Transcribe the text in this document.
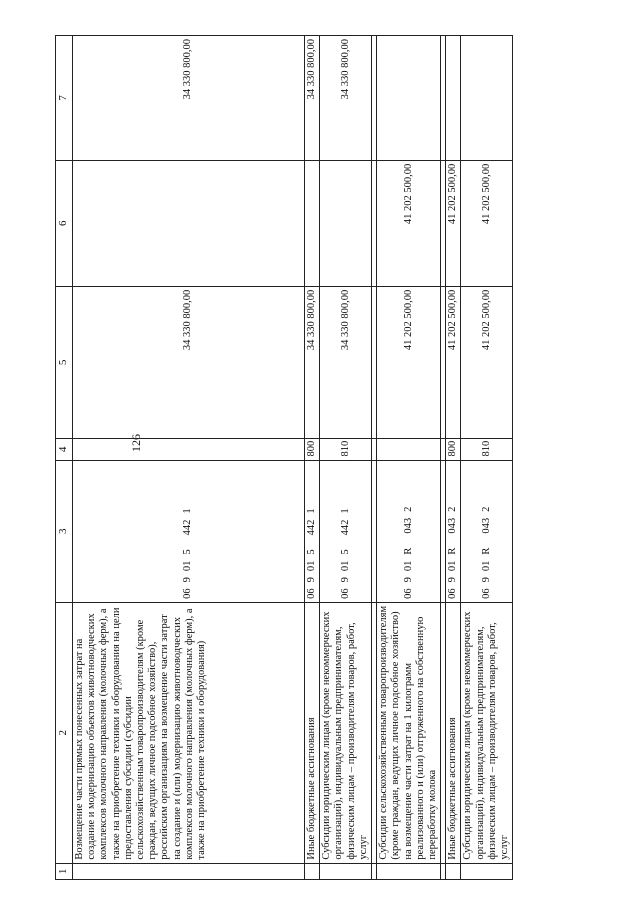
126
1	2	3	4	5	6	7
	Возмещение части прямых понесенных затрат на создание и модернизацию объектов животноводческих комплексов молочного направления (молочных ферм), а также на приобретение техники и оборудования на цели предоставления субсидии (субсидии сельскохозяйственным товаропроизводителям (кроме граждан, ведущих личное подсобное хозяйство), российским организациям на возмещение части затрат на создание и (или) модернизацию животноводческих комплексов молочного направления (молочных ферм), а также на приобретение техники и оборудования)	0690154421		34 330 800,00		34 330 800,00
	Иные бюджетные ассигнования	0690154421	800	34 330 800,00		34 330 800,00
	Субсидии юридическим лицам (кроме некоммерческих организаций), индивидуальным предпринимателям, физическим лицам – производителям товаров, работ, услуг	0690154421	810	34 330 800,00		34 330 800,00

	Субсидии сельскохозяйственным товаропроизводителям (кроме граждан, ведущих личное подсобное хозяйство) на возмещение части затрат на 1 килограмм реализованного и (или) отгруженного на собственную переработку молока	06901R0432		41 202 500,00	41 202 500,00	

	Иные бюджетные ассигнования	06901R0432	800	41 202 500,00	41 202 500,00	
	Субсидии юридическим лицам (кроме некоммерческих организаций), индивидуальным предпринимателям, физическим лицам – производителям товаров, работ, услуг	06901R0432	810	41 202 500,00	41 202 500,00	
